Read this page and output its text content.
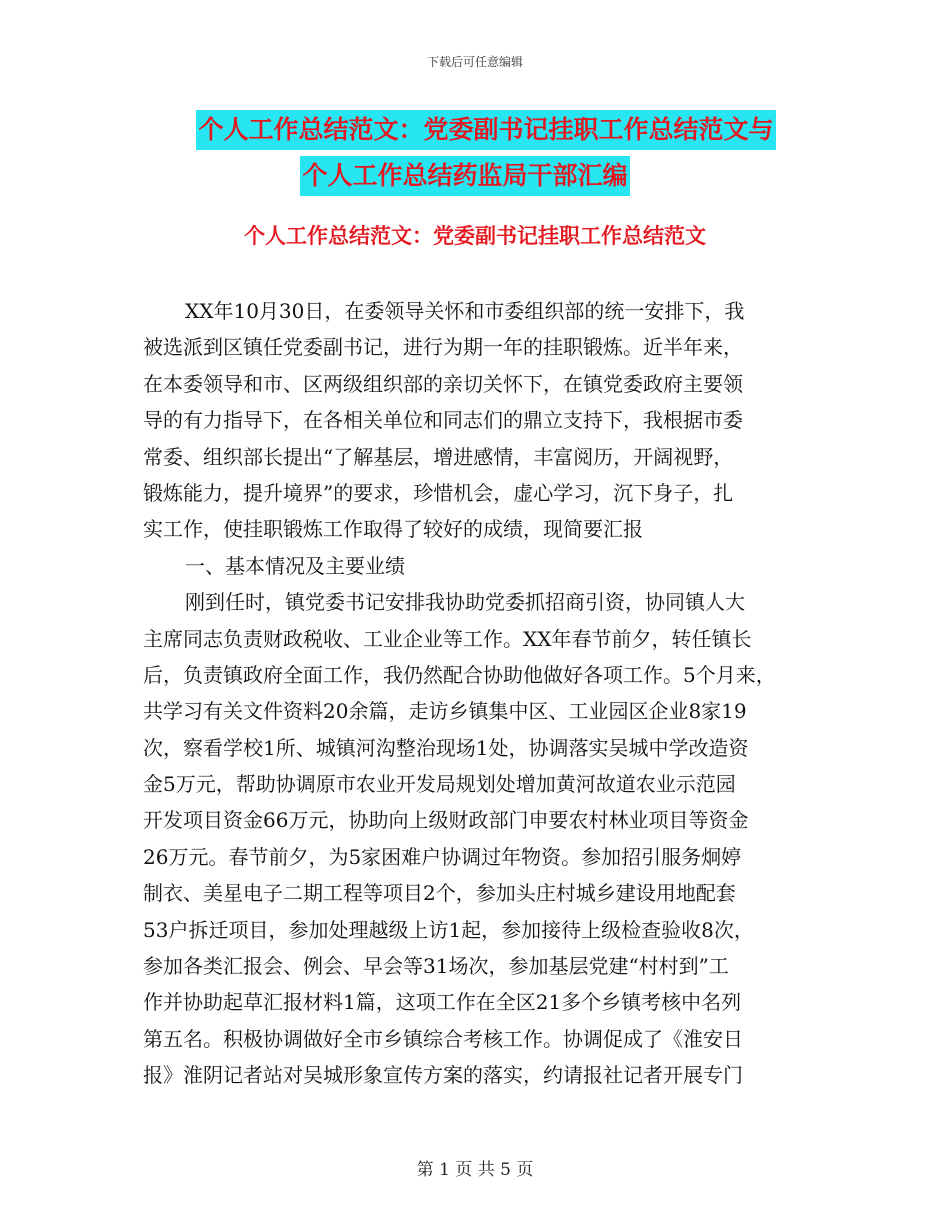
下载后可任意编辑
个人工作总结范文：党委副书记挂职工作总结范文与
个人工作总结药监局干部汇编
个人工作总结范文：党委副书记挂职工作总结范文
XX年10月30日，在委领导关怀和市委组织部的统一安排下，我
被选派到区镇任党委副书记，进行为期一年的挂职锻炼。近半年来，
在本委领导和市、区两级组织部的亲切关怀下，在镇党委政府主要领
导的有力指导下，在各相关单位和同志们的鼎立支持下，我根据市委
常委、组织部长提出“了解基层，增进感情，丰富阅历，开阔视野，
锻炼能力，提升境界”的要求，珍惜机会，虚心学习，沉下身子，扎
实工作，使挂职锻炼工作取得了较好的成绩，现简要汇报
一、基本情况及主要业绩
刚到任时，镇党委书记安排我协助党委抓招商引资，协同镇人大
主席同志负责财政税收、工业企业等工作。XX年春节前夕，转任镇长
后，负责镇政府全面工作，我仍然配合协助他做好各项工作。5个月来，
共学习有关文件资料20余篇，走访乡镇集中区、工业园区企业8家19
次，察看学校1所、城镇河沟整治现场1处，协调落实吴城中学改造资
金5万元，帮助协调原市农业开发局规划处增加黄河故道农业示范园
开发项目资金66万元，协助向上级财政部门申要农村林业项目等资金
26万元。春节前夕，为5家困难户协调过年物资。参加招引服务炯婷
制衣、美星电子二期工程等项目2个，参加头庄村城乡建设用地配套
53户拆迁项目，参加处理越级上访1起，参加接待上级检查验收8次，
参加各类汇报会、例会、早会等31场次，参加基层党建“村村到”工
作并协助起草汇报材料1篇，这项工作在全区21多个乡镇考核中名列
第五名。积极协调做好全市乡镇综合考核工作。协调促成了《淮安日
报》淮阴记者站对吴城形象宣传方案的落实，约请报社记者开展专门
第 1 页 共 5 页
